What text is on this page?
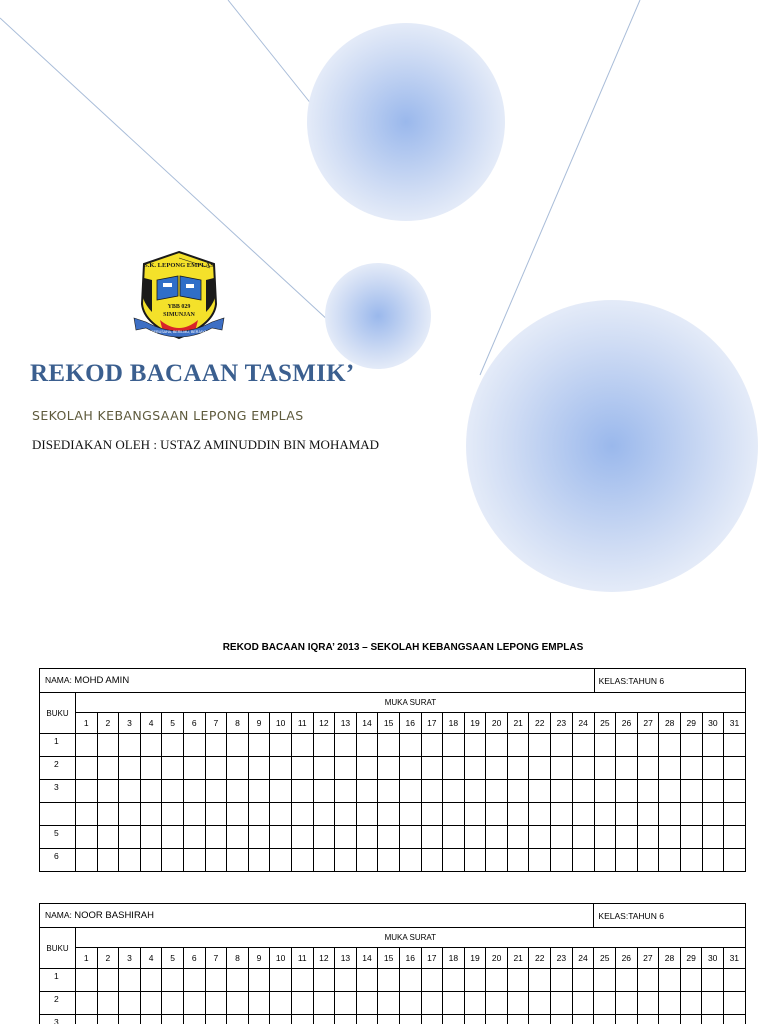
S.K. LEPONG EMPLAS
YBB 029
SIMUNJAN
BERUSAHA, BERILMU, BERJAYA
REKOD BACAAN TASMIK’
SEKOLAH KEBANGSAAN LEPONG EMPLAS
DISEDIAKAN OLEH : USTAZ AMINUDDIN BIN MOHAMAD
REKOD BACAAN IQRA’ 2013 – SEKOLAH KEBANGSAAN LEPONG EMPLAS
NAMA: MOHD AMIN																									KELAS:TAHUN 6						
BUKU	MUKA SURAT																														
	1	2	3	4	5	6	7	8	9	10	11	12	13	14	15	16	17	18	19	20	21	22	23	24	25	26	27	28	29	30	31
1																															
2																															
3																															

5																															
6																															
NAMA: NOOR BASHIRAH																									KELAS:TAHUN 6						
BUKU	MUKA SURAT																														
	1	2	3	4	5	6	7	8	9	10	11	12	13	14	15	16	17	18	19	20	21	22	23	24	25	26	27	28	29	30	31
1																															
2																															
3																															
